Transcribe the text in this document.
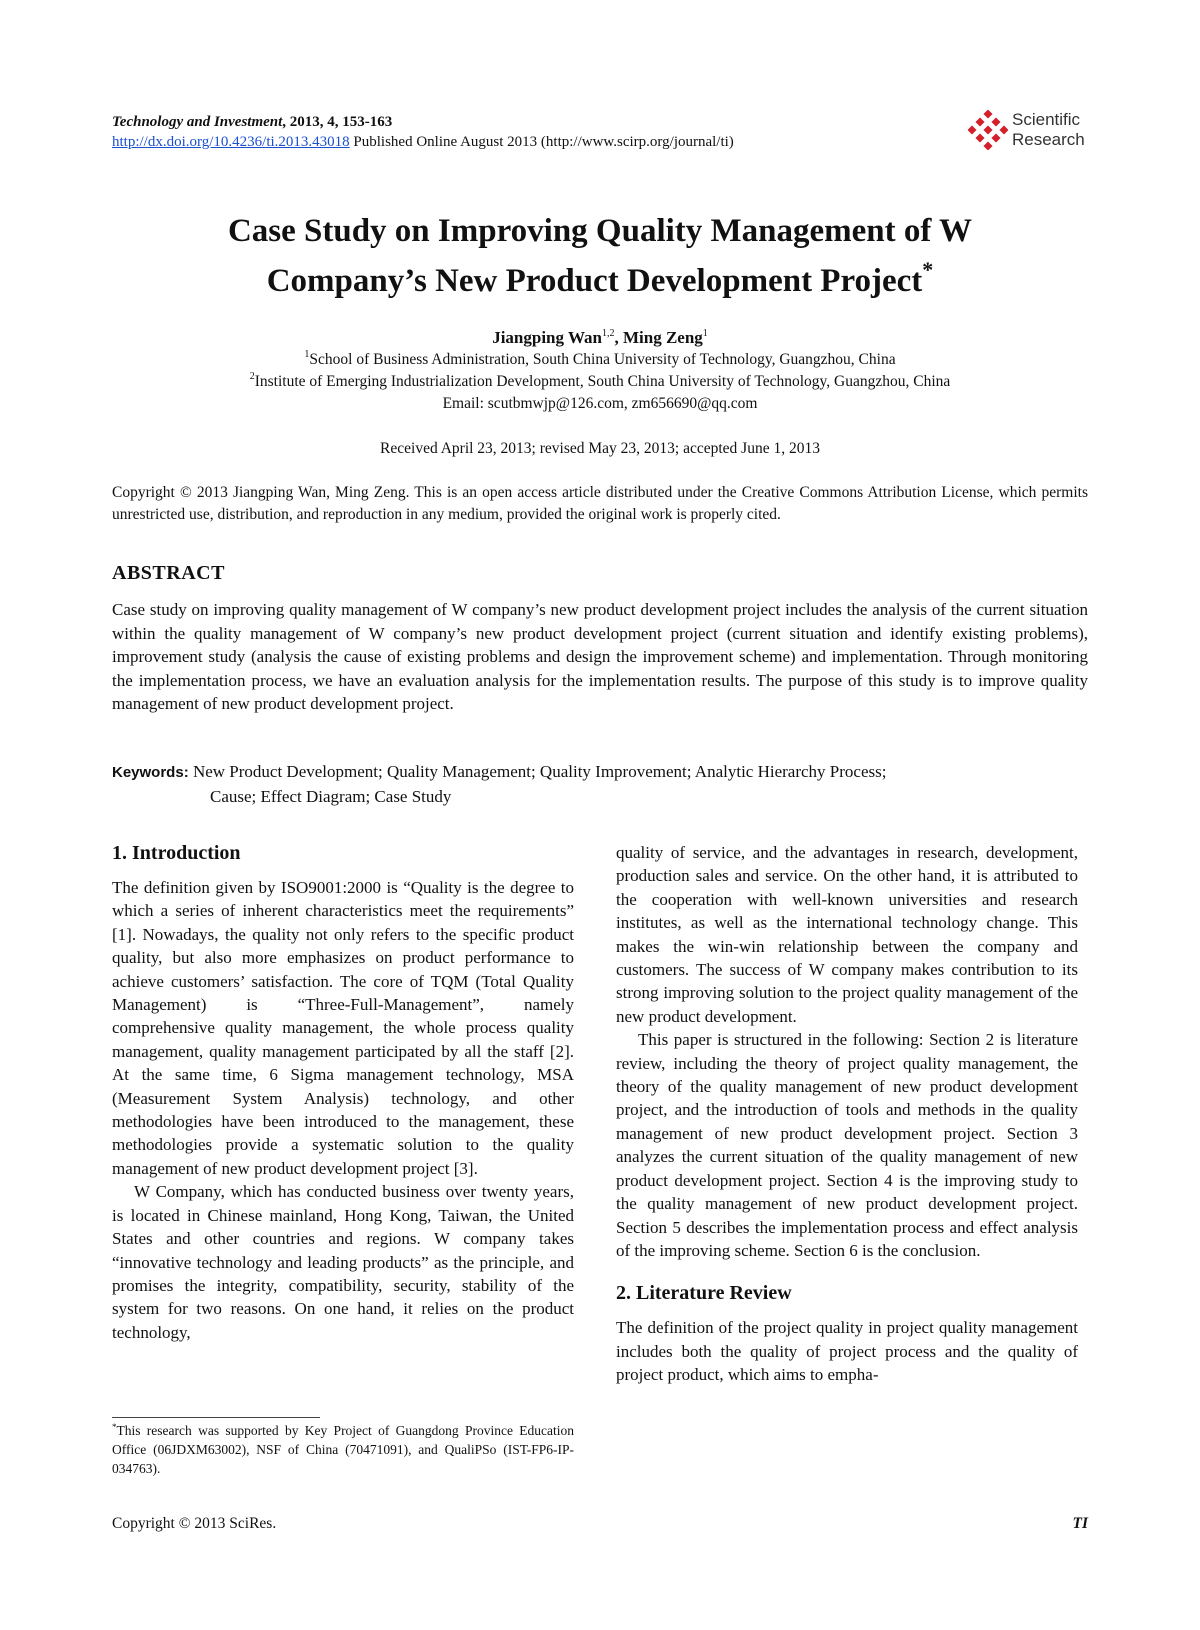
Technology and Investment, 2013, 4, 153-163
http://dx.doi.org/10.4236/ti.2013.43018 Published Online August 2013 (http://www.scirp.org/journal/ti)
Scientific
Research
Case Study on Improving Quality Management of W
Company’s New Product Development Project*
Jiangping Wan$^{1,2}$, Ming Zeng$^1$
$^1$School of Business Administration, South China University of Technology, Guangzhou, China
$^2$Institute of Emerging Industrialization Development, South China University of Technology, Guangzhou, China
Email: scutbmwjp@126.com, zm656690@qq.com
Received April 23, 2013; revised May 23, 2013; accepted June 1, 2013
Copyright © 2013 Jiangping Wan, Ming Zeng. This is an open access article distributed under the Creative Commons Attribution License, which permits unrestricted use, distribution, and reproduction in any medium, provided the original work is properly cited.
ABSTRACT
Case study on improving quality management of W company’s new product development project includes the analysis of the current situation within the quality management of W company’s new product development project (current situation and identify existing problems), improvement study (analysis the cause of existing problems and design the improvement scheme) and implementation. Through monitoring the implementation process, we have an evaluation analysis for the implementation results. The purpose of this study is to improve quality management of new product development project.
Keywords: New Product Development; Quality Management; Quality Improvement; Analytic Hierarchy Process;
Cause; Effect Diagram; Case Study
1. Introduction

The definition given by ISO9001:2000 is “Quality is the degree to which a series of inherent characteristics meet the requirements” [1]. Nowadays, the quality not only refers to the specific product quality, but also more emphasizes on product performance to achieve customers’ satisfaction. The core of TQM (Total Quality Management) is “Three-Full-Management”, namely comprehensive quality management, the whole process quality management, quality management participated by all the staff [2]. At the same time, 6 Sigma management technology, MSA (Measurement System Analysis) technology, and other methodologies have been introduced to the management, these methodologies provide a systematic solution to the quality management of new product development project [3].

W Company, which has conducted business over twenty years, is located in Chinese mainland, Hong Kong, Taiwan, the United States and other countries and regions. W company takes “innovative technology and leading products” as the principle, and promises the integrity, compatibility, security, stability of the system for two reasons. On one hand, it relies on the product technology,

quality of service, and the advantages in research, development, production sales and service. On the other hand, it is attributed to the cooperation with well-known universities and research institutes, as well as the international technology change. This makes the win-win relationship between the company and customers. The success of W company makes contribution to its strong improving solution to the project quality management of the new product development.

This paper is structured in the following: Section 2 is literature review, including the theory of project quality management, the theory of the quality management of new product development project, and the introduction of tools and methods in the quality management of new product development project. Section 3 analyzes the current situation of the quality management of new product development project. Section 4 is the improving study to the quality management of new product development project. Section 5 describes the implementation process and effect analysis of the improving scheme. Section 6 is the conclusion.

2. Literature Review

The definition of the project quality in project quality management includes both the quality of project process and the quality of project product, which aims to empha-

*This research was supported by Key Project of Guangdong Province Education Office (06JDXM63002), NSF of China (70471091), and QualiPSo (IST-FP6-IP-034763).
Copyright © 2013 SciRes.	TI
